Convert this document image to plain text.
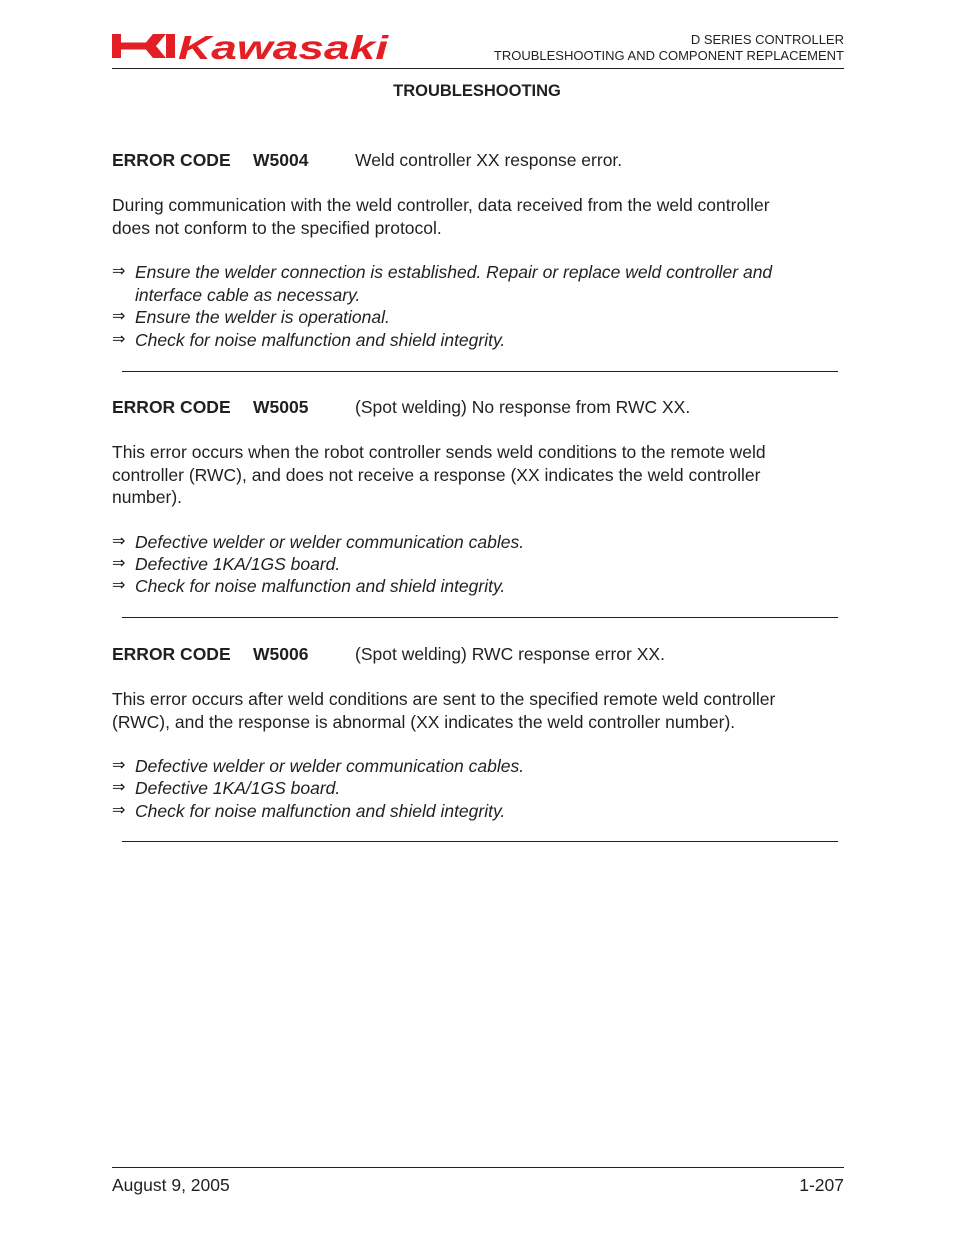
Kawasaki	D SERIES CONTROLLER
TROUBLESHOOTING AND COMPONENT REPLACEMENT
TROUBLESHOOTING
ERROR CODE W5004	Weld controller XX response error.
During communication with the weld controller, data received from the weld controller
does not conform to the specified protocol.
⇒ Ensure the welder connection is established. Repair or replace weld controller and
interface cable as necessary.
⇒ Ensure the welder is operational.
⇒ Check for noise malfunction and shield integrity.
ERROR CODE W5005	(Spot welding) No response from RWC XX.
This error occurs when the robot controller sends weld conditions to the remote weld
controller (RWC), and does not receive a response (XX indicates the weld controller
number).
⇒ Defective welder or welder communication cables.
⇒ Defective 1KA/1GS board.
⇒ Check for noise malfunction and shield integrity.
ERROR CODE W5006	(Spot welding) RWC response error XX.
This error occurs after weld conditions are sent to the specified remote weld controller
(RWC), and the response is abnormal (XX indicates the weld controller number).
⇒ Defective welder or welder communication cables.
⇒ Defective 1KA/1GS board.
⇒ Check for noise malfunction and shield integrity.
August 9, 2005	1-207
